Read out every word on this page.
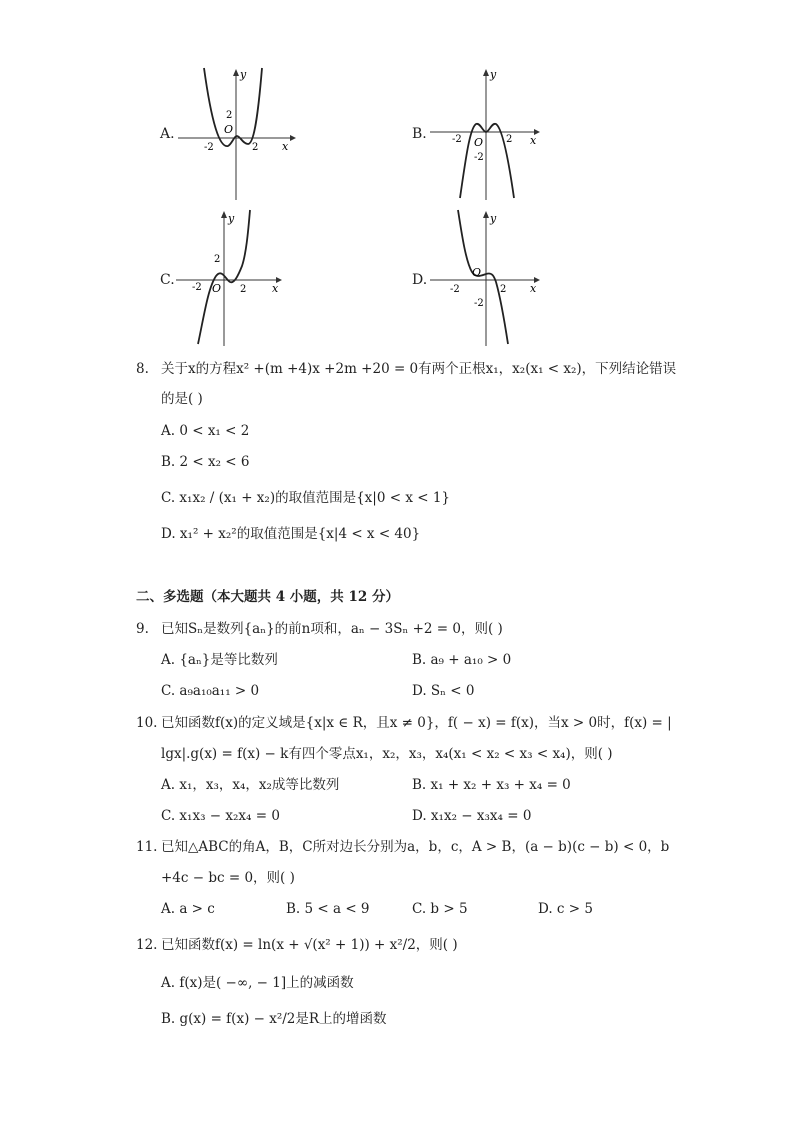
A.
y
x
O
2
-2	2
B.
y
x
O
-2	2
-2
C.
y
x
O
2
-2	2
D.
y
x
O
-2	2
-2
8. 关于x的方程x² +(m +4)x +2m +20 = 0有两个正根x₁，x₂(x₁ < x₂)，下列结论错误
的是( )
A. 0 < x₁ < 2
B. 2 < x₂ < 6
C. x₁x₂ / (x₁ + x₂)的取值范围是{x|0 < x < 1}
D. x₁² + x₂²的取值范围是{x|4 < x < 40}
二、多选题（本大题共 4 小题，共 12 分）
9. 已知Sₙ是数列{aₙ}的前n项和，aₙ − 3Sₙ +2 = 0，则( )
A. {aₙ}是等比数列	B. a₉ + a₁₀ > 0
C. a₉a₁₀a₁₁ > 0	D. Sₙ < 0
10. 已知函数f(x)的定义域是{x|x ∈ R，且x ≠ 0}，f( − x) = f(x)，当x > 0时，f(x) = |
lgx|.g(x) = f(x) − k有四个零点x₁，x₂，x₃，x₄(x₁ < x₂ < x₃ < x₄)，则( )
A. x₁，x₃，x₄，x₂成等比数列	B. x₁ + x₂ + x₃ + x₄ = 0
C. x₁x₃ − x₂x₄ = 0	D. x₁x₂ − x₃x₄ = 0
11. 已知△ABC的角A，B，C所对边长分别为a，b，c，A > B，(a − b)(c − b) < 0，b
+4c − bc = 0，则( )
A. a > c	B. 5 < a < 9	C. b > 5	D. c > 5
12. 已知函数f(x) = ln(x + √(x² + 1)) + x²/2，则( )
A. f(x)是( −∞, − 1]上的减函数
B. g(x) = f(x) − x²/2是R上的增函数
